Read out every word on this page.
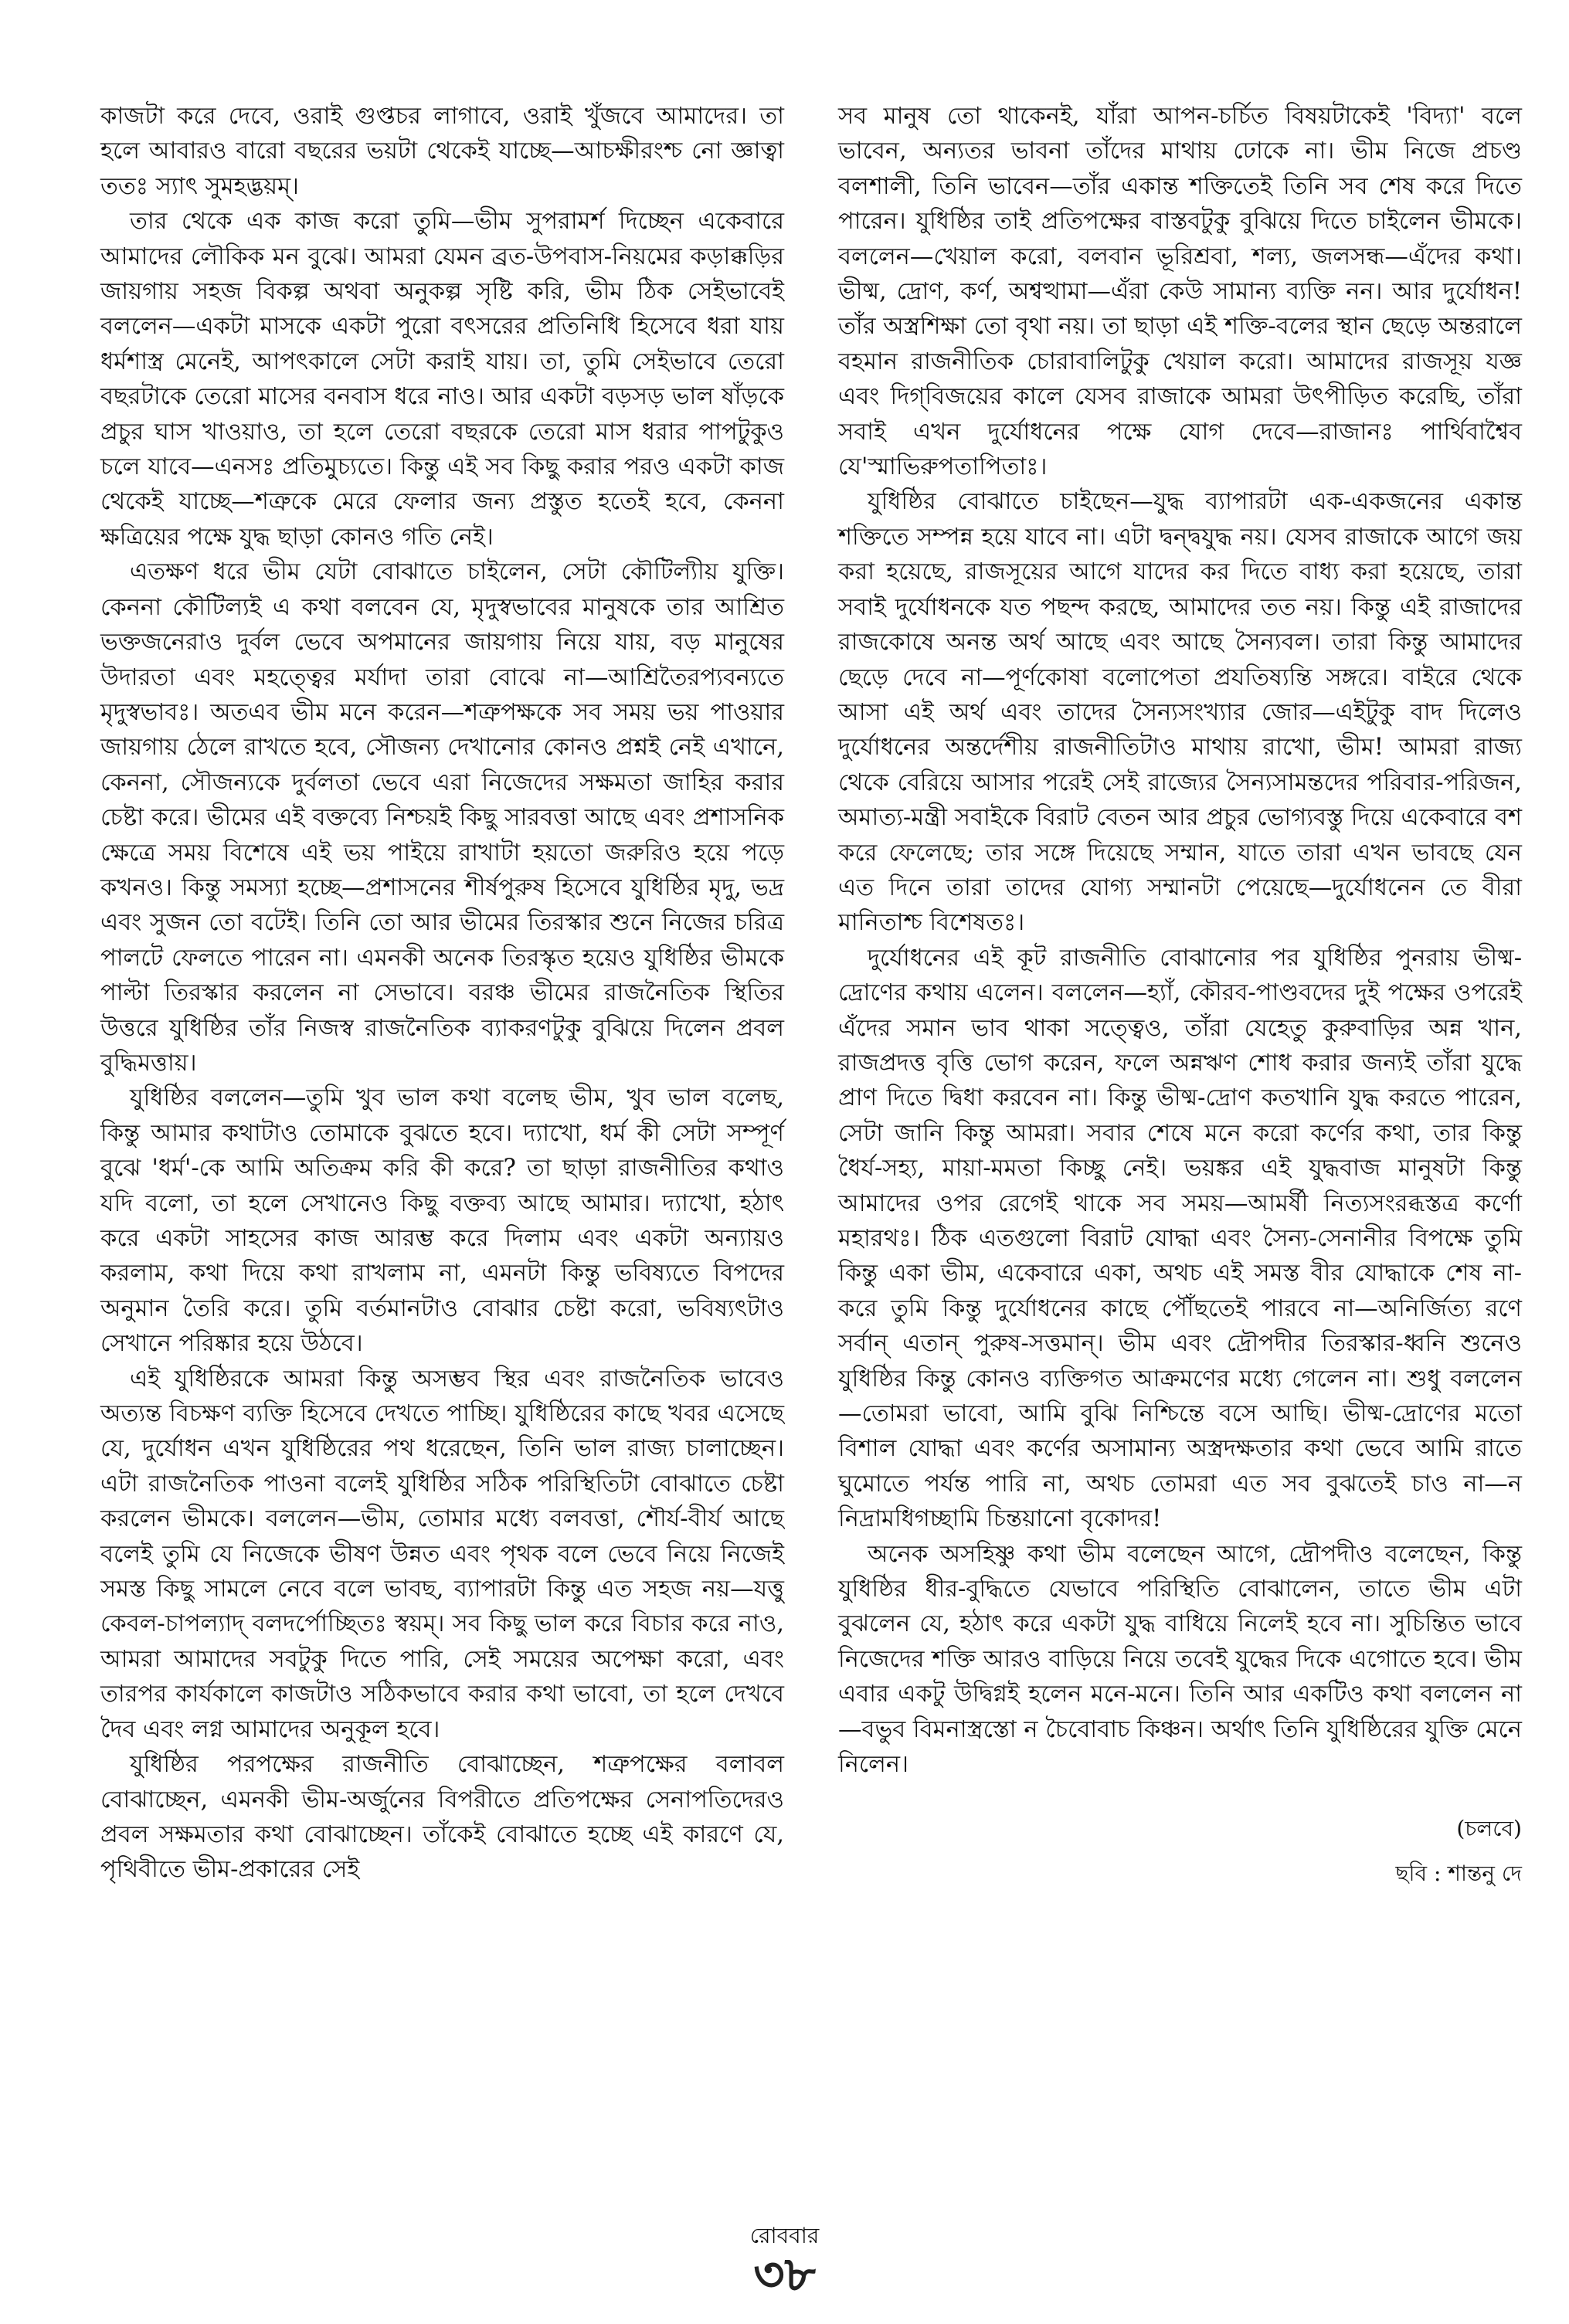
কাজটা করে দেবে, ওরাই গুপ্তচর লাগাবে, ওরাই খুঁজবে আমাদের। তা হলে আবারও বারো বছরের ভয়টা থেকেই যাচ্ছে—আচক্ষীরংশ্চ নো জ্ঞাত্বা ততঃ স্যাৎ সুমহদ্ভয়ম্।

তার থেকে এক কাজ করো তুমি—ভীম সুপরামর্শ দিচ্ছেন একেবারে আমাদের লৌকিক মন বুঝে। আমরা যেমন ব্রত-উপবাস-নিয়মের কড়াক্কড়ির জায়গায় সহজ বিকল্প অথবা অনুকল্প সৃষ্টি করি, ভীম ঠিক সেইভাবেই বললেন—একটা মাসকে একটা পুরো বৎসরের প্রতিনিধি হিসেবে ধরা যায় ধর্মশাস্ত্র মেনেই, আপৎকালে সেটা করাই যায়। তা, তুমি সেইভাবে তেরো বছরটাকে তেরো মাসের বনবাস ধরে নাও। আর একটা বড়সড় ভাল ষাঁড়কে প্রচুর ঘাস খাওয়াও, তা হলে তেরো বছরকে তেরো মাস ধরার পাপটুকুও চলে যাবে—এনসঃ প্রতিমুচ্যতে। কিন্তু এই সব কিছু করার পরও একটা কাজ থেকেই যাচ্ছে—শত্রুকে মেরে ফেলার জন্য প্রস্তুত হতেই হবে, কেননা ক্ষত্রিয়ের পক্ষে যুদ্ধ ছাড়া কোনও গতি নেই।

এতক্ষণ ধরে ভীম যেটা বোঝাতে চাইলেন, সেটা কৌটিল্যীয় যুক্তি। কেননা কৌটিল্যই এ কথা বলবেন যে, মৃদুস্বভাবের মানুষকে তার আশ্রিত ভক্তজনেরাও দুর্বল ভেবে অপমানের জায়গায় নিয়ে যায়, বড় মানুষের উদারতা এবং মহত্ত্বের মর্যাদা তারা বোঝে না—আশ্রিতৈরপ্যবন্যতে মৃদুস্বভাবঃ। অতএব ভীম মনে করেন—শত্রুপক্ষকে সব সময় ভয় পাওয়ার জায়গায় ঠেলে রাখতে হবে, সৌজন্য দেখানোর কোনও প্রশ্নই নেই এখানে, কেননা, সৌজন্যকে দুর্বলতা ভেবে এরা নিজেদের সক্ষমতা জাহির করার চেষ্টা করে। ভীমের এই বক্তব্যে নিশ্চয়ই কিছু সারবত্তা আছে এবং প্রশাসনিক ক্ষেত্রে সময় বিশেষে এই ভয় পাইয়ে রাখাটা হয়তো জরুরিও হয়ে পড়ে কখনও। কিন্তু সমস্যা হচ্ছে—প্রশাসনের শীর্ষপুরুষ হিসেবে যুধিষ্ঠির মৃদু, ভদ্র এবং সুজন তো বটেই। তিনি তো আর ভীমের তিরস্কার শুনে নিজের চরিত্র পালটে ফেলতে পারেন না। এমনকী অনেক তিরস্কৃত হয়েও যুধিষ্ঠির ভীমকে পাল্টা তিরস্কার করলেন না সেভাবে। বরঞ্চ ভীমের রাজনৈতিক স্থিতির উত্তরে যুধিষ্ঠির তাঁর নিজস্ব রাজনৈতিক ব্যাকরণটুকু বুঝিয়ে দিলেন প্রবল বুদ্ধিমত্তায়।

যুধিষ্ঠির বললেন—তুমি খুব ভাল কথা বলেছ ভীম, খুব ভাল বলেছ, কিন্তু আমার কথাটাও তোমাকে বুঝতে হবে। দ্যাখো, ধর্ম কী সেটা সম্পূর্ণ বুঝে 'ধর্ম'-কে আমি অতিক্রম করি কী করে? তা ছাড়া রাজনীতির কথাও যদি বলো, তা হলে সেখানেও কিছু বক্তব্য আছে আমার। দ্যাখো, হঠাৎ করে একটা সাহসের কাজ আরম্ভ করে দিলাম এবং একটা অন্যায়ও করলাম, কথা দিয়ে কথা রাখলাম না, এমনটা কিন্তু ভবিষ্যতে বিপদের অনুমান তৈরি করে। তুমি বর্তমানটাও বোঝার চেষ্টা করো, ভবিষ্যৎটাও সেখানে পরিষ্কার হয়ে উঠবে।

এই যুধিষ্ঠিরকে আমরা কিন্তু অসম্ভব স্থির এবং রাজনৈতিক ভাবেও অত্যন্ত বিচক্ষণ ব্যক্তি হিসেবে দেখতে পাচ্ছি। যুধিষ্ঠিরের কাছে খবর এসেছে যে, দুর্যোধন এখন যুধিষ্ঠিরের পথ ধরেছেন, তিনি ভাল রাজ্য চালাচ্ছেন। এটা রাজনৈতিক পাওনা বলেই যুধিষ্ঠির সঠিক পরিস্থিতিটা বোঝাতে চেষ্টা করলেন ভীমকে। বললেন—ভীম, তোমার মধ্যে বলবত্তা, শৌর্য-বীর্য আছে বলেই তুমি যে নিজেকে ভীষণ উন্নত এবং পৃথক বলে ভেবে নিয়ে নিজেই সমস্ত কিছু সামলে নেবে বলে ভাবছ, ব্যাপারটা কিন্তু এত সহজ নয়—যত্তু কেবল-চাপল্যাদ্ বলদর্পোচ্ছিতঃ স্বয়ম্। সব কিছু ভাল করে বিচার করে নাও, আমরা আমাদের সবটুকু দিতে পারি, সেই সময়ের অপেক্ষা করো, এবং তারপর কার্যকালে কাজটাও সঠিকভাবে করার কথা ভাবো, তা হলে দেখবে দৈব এবং লগ্ন আমাদের অনুকূল হবে।

যুধিষ্ঠির পরপক্ষের রাজনীতি বোঝাচ্ছেন, শত্রুপক্ষের বলাবল বোঝাচ্ছেন, এমনকী ভীম-অর্জুনের বিপরীতে প্রতিপক্ষের সেনাপতিদেরও প্রবল সক্ষমতার কথা বোঝাচ্ছেন। তাঁকেই বোঝাতে হচ্ছে এই কারণে যে, পৃথিবীতে ভীম-প্রকারের সেই

সব মানুষ তো থাকেনই, যাঁরা আপন-চর্চিত বিষয়টাকেই 'বিদ্যা' বলে ভাবেন, অন্যতর ভাবনা তাঁদের মাথায় ঢোকে না। ভীম নিজে প্রচণ্ড বলশালী, তিনি ভাবেন—তাঁর একান্ত শক্তিতেই তিনি সব শেষ করে দিতে পারেন। যুধিষ্ঠির তাই প্রতিপক্ষের বাস্তবটুকু বুঝিয়ে দিতে চাইলেন ভীমকে। বললেন—খেয়াল করো, বলবান ভূরিশ্রবা, শল্য, জলসন্ধ—এঁদের কথা। ভীষ্ম, দ্রোণ, কর্ণ, অশ্বত্থামা—এঁরা কেউ সামান্য ব্যক্তি নন। আর দুর্যোধন! তাঁর অস্ত্রশিক্ষা তো বৃথা নয়। তা ছাড়া এই শক্তি-বলের স্থান ছেড়ে অন্তরালে বহমান রাজনীতিক চোরাবালিটুকু খেয়াল করো। আমাদের রাজসূয় যজ্ঞ এবং দিগ্‌বিজয়ের কালে যেসব রাজাকে আমরা উৎপীড়িত করেছি, তাঁরা সবাই এখন দুর্যোধনের পক্ষে যোগ দেবে—রাজানঃ পার্থিবাশ্বৈব যে'স্মাভিরুপতাপিতাঃ।

যুধিষ্ঠির বোঝাতে চাইছেন—যুদ্ধ ব্যাপারটা এক-একজনের একান্ত শক্তিতে সম্পন্ন হয়ে যাবে না। এটা দ্বন্দ্বযুদ্ধ নয়। যেসব রাজাকে আগে জয় করা হয়েছে, রাজসূয়ের আগে যাদের কর দিতে বাধ্য করা হয়েছে, তারা সবাই দুর্যোধনকে যত পছন্দ করছে, আমাদের তত নয়। কিন্তু এই রাজাদের রাজকোষে অনন্ত অর্থ আছে এবং আছে সৈন্যবল। তারা কিন্তু আমাদের ছেড়ে দেবে না—পূর্ণকোষা বলোপেতা প্রযতিষ্যন্তি সঙ্গরে। বাইরে থেকে আসা এই অর্থ এবং তাদের সৈন্যসংখ্যার জোর—এইটুকু বাদ দিলেও দুর্যোধনের অন্তর্দেশীয় রাজনীতিটাও মাথায় রাখো, ভীম! আমরা রাজ্য থেকে বেরিয়ে আসার পরেই সেই রাজ্যের সৈন্যসামন্তদের পরিবার-পরিজন, অমাত্য-মন্ত্রী সবাইকে বিরাট বেতন আর প্রচুর ভোগ্যবস্তু দিয়ে একেবারে বশ করে ফেলেছে; তার সঙ্গে দিয়েছে সম্মান, যাতে তারা এখন ভাবছে যেন এত দিনে তারা তাদের যোগ্য সম্মানটা পেয়েছে—দুর্যোধনেন তে বীরা মানিতাশ্চ বিশেষতঃ।

দুর্যোধনের এই কূট রাজনীতি বোঝানোর পর যুধিষ্ঠির পুনরায় ভীষ্ম-দ্রোণের কথায় এলেন। বললেন—হ্যাঁ, কৌরব-পাণ্ডবদের দুই পক্ষের ওপরেই এঁদের সমান ভাব থাকা সত্ত্বেও, তাঁরা যেহেতু কুরুবাড়ির অন্ন খান, রাজপ্রদত্ত বৃত্তি ভোগ করেন, ফলে অন্নঋণ শোধ করার জন্যই তাঁরা যুদ্ধে প্রাণ দিতে দ্বিধা করবেন না। কিন্তু ভীষ্ম-দ্রোণ কতখানি যুদ্ধ করতে পারেন, সেটা জানি কিন্তু আমরা। সবার শেষে মনে করো কর্ণের কথা, তার কিন্তু ধৈর্য-সহ্য, মায়া-মমতা কিচ্ছু নেই। ভয়ঙ্কর এই যুদ্ধবাজ মানুষটা কিন্তু আমাদের ওপর রেগেই থাকে সব সময়—আমর্ষী নিত্যসংরব্ধস্তত্র কর্ণো মহারথঃ। ঠিক এতগুলো বিরাট যোদ্ধা এবং সৈন্য-সেনানীর বিপক্ষে তুমি কিন্তু একা ভীম, একেবারে একা, অথচ এই সমস্ত বীর যোদ্ধাকে শেষ না-করে তুমি কিন্তু দুর্যোধনের কাছে পৌঁছতেই পারবে না—অনির্জিত্য রণে সর্বান্ এতান্ পুরুষ-সত্তমান্। ভীম এবং দ্রৌপদীর তিরস্কার-ধ্বনি শুনেও যুধিষ্ঠির কিন্তু কোনও ব্যক্তিগত আক্রমণের মধ্যে গেলেন না। শুধু বললেন—তোমরা ভাবো, আমি বুঝি নিশ্চিন্তে বসে আছি। ভীষ্ম-দ্রোণের মতো বিশাল যোদ্ধা এবং কর্ণের অসামান্য অস্ত্রদক্ষতার কথা ভেবে আমি রাতে ঘুমোতে পর্যন্ত পারি না, অথচ তোমরা এত সব বুঝতেই চাও না—ন নিদ্রামধিগচ্ছামি চিন্তয়ানো বৃকোদর!

অনেক অসহিষ্ণু কথা ভীম বলেছেন আগে, দ্রৌপদীও বলেছেন, কিন্তু যুধিষ্ঠির ধীর-বুদ্ধিতে যেভাবে পরিস্থিতি বোঝালেন, তাতে ভীম এটা বুঝলেন যে, হঠাৎ করে একটা যুদ্ধ বাধিয়ে নিলেই হবে না। সুচিন্তিত ভাবে নিজেদের শক্তি আরও বাড়িয়ে নিয়ে তবেই যুদ্ধের দিকে এগোতে হবে। ভীম এবার একটু উদ্বিগ্নই হলেন মনে-মনে। তিনি আর একটিও কথা বললেন না—বভুব বিমনাস্ত্রস্তো ন চৈবোবাচ কিঞ্চন। অর্থাৎ তিনি যুধিষ্ঠিরের যুক্তি মেনে নিলেন।

(চলবে)
ছবি : শান্তনু দে
রোববার
৩৮
